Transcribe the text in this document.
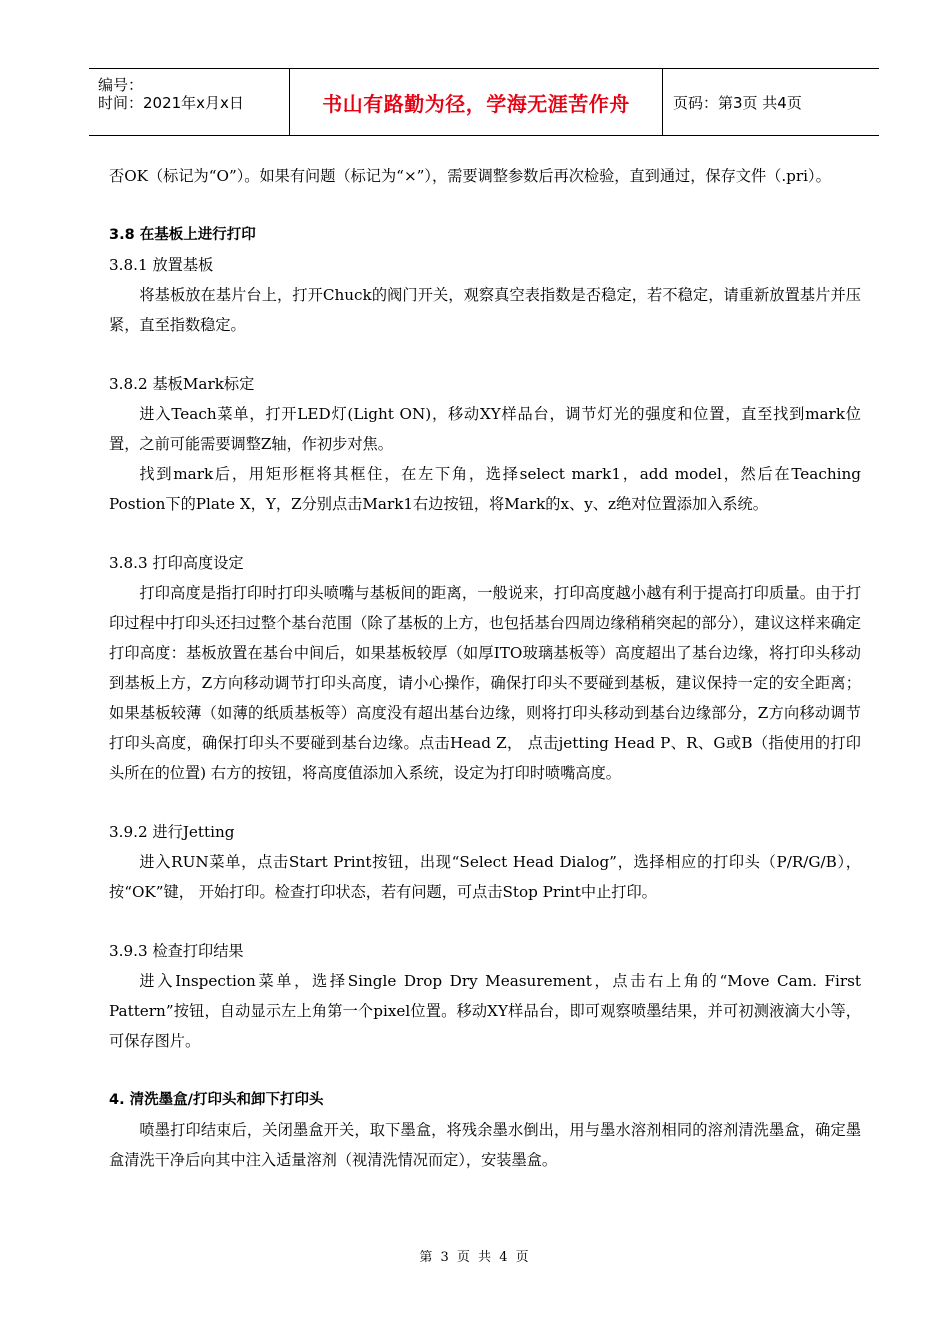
编号：
时间：2021年x月x日	书山有路勤为径，学海无涯苦作舟	页码：第3页 共4页

否OK（标记为“O”）。如果有问题（标记为“×”），需要调整参数后再次检验，直到通过，保存文件（.pri）。

3.8 在基板上进行打印

3.8.1 放置基板

将基板放在基片台上，打开Chuck的阀门开关，观察真空表指数是否稳定，若不稳定，请重新放置基片并压紧，直至指数稳定。

3.8.2 基板Mark标定

进入Teach菜单，打开LED灯(Light ON)，移动XY样品台，调节灯光的强度和位置，直至找到mark位置，之前可能需要调整Z轴，作初步对焦。

找到mark后，用矩形框将其框住，在左下角，选择select mark1，add model，然后在Teaching Postion下的Plate X，Y，Z分别点击Mark1右边按钮，将Mark的x、y、z绝对位置添加入系统。

3.8.3 打印高度设定

打印高度是指打印时打印头喷嘴与基板间的距离，一般说来，打印高度越小越有利于提高打印质量。由于打印过程中打印头还扫过整个基台范围（除了基板的上方，也包括基台四周边缘稍稍突起的部分），建议这样来确定打印高度：基板放置在基台中间后，如果基板较厚（如厚ITO玻璃基板等）高度超出了基台边缘，将打印头移动到基板上方，Z方向移动调节打印头高度，请小心操作，确保打印头不要碰到基板，建议保持一定的安全距离；如果基板较薄（如薄的纸质基板等）高度没有超出基台边缘，则将打印头移动到基台边缘部分，Z方向移动调节打印头高度，确保打印头不要碰到基台边缘。点击Head Z， 点击jetting Head P、R、G或B（指使用的打印头所在的位置) 右方的按钮，将高度值添加入系统，设定为打印时喷嘴高度。

3.9.2 进行Jetting

进入RUN菜单，点击Start Print按钮，出现“Select Head Dialog”，选择相应的打印头（P/R/G/B），按“OK”键， 开始打印。检查打印状态，若有问题，可点击Stop Print中止打印。

3.9.3 检查打印结果

进入Inspection菜单，选择Single Drop Dry Measurement，点击右上角的“Move Cam. First Pattern”按钮，自动显示左上角第一个pixel位置。移动XY样品台，即可观察喷墨结果，并可初测液滴大小等，可保存图片。

4. 清洗墨盒/打印头和卸下打印头

喷墨打印结束后，关闭墨盒开关，取下墨盒，将残余墨水倒出，用与墨水溶剂相同的溶剂清洗墨盒，确定墨盒清洗干净后向其中注入适量溶剂（视清洗情况而定），安装墨盒。

第 3 页 共 4 页
